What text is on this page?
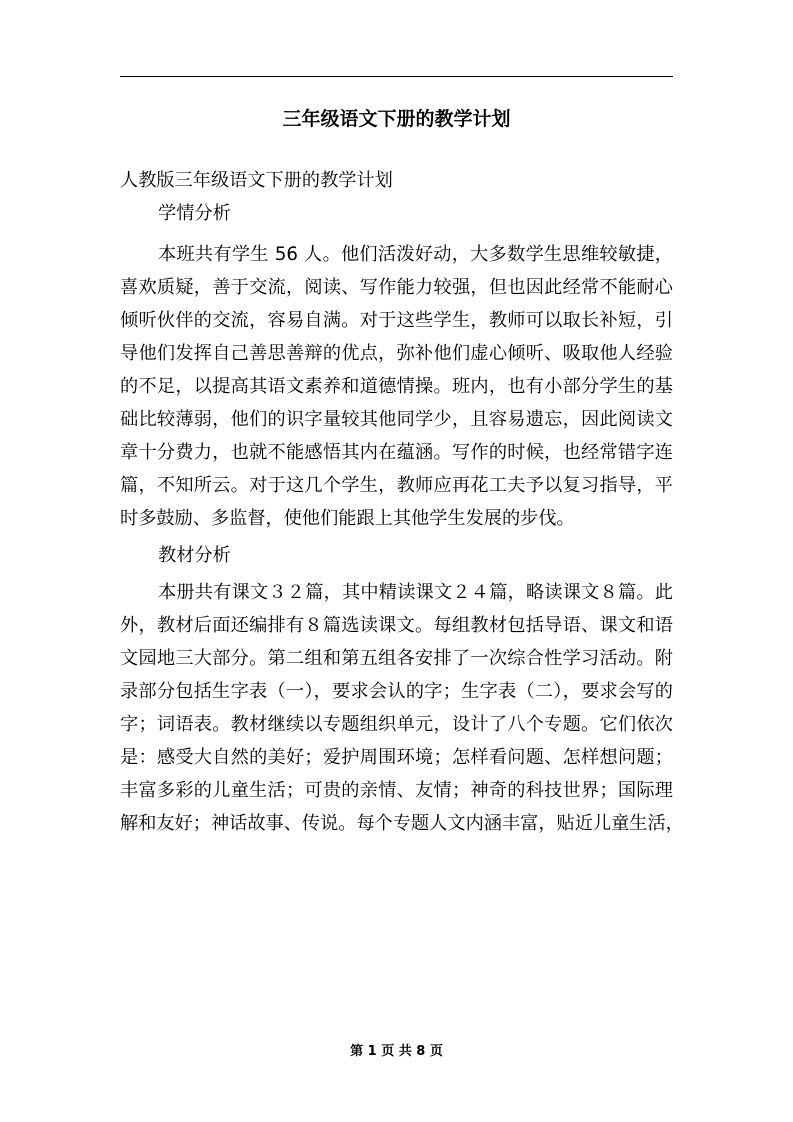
三年级语文下册的教学计划
人教版三年级语文下册的教学计划
学情分析
本班共有学生 56 人。他们活泼好动，大多数学生思维较敏捷，
喜欢质疑，善于交流，阅读、写作能力较强，但也因此经常不能耐心
倾听伙伴的交流，容易自满。对于这些学生，教师可以取长补短，引
导他们发挥自己善思善辩的优点，弥补他们虚心倾听、吸取他人经验
的不足，以提高其语文素养和道德情操。班内，也有小部分学生的基
础比较薄弱，他们的识字量较其他同学少，且容易遗忘，因此阅读文
章十分费力，也就不能感悟其内在蕴涵。写作的时候，也经常错字连
篇，不知所云。对于这几个学生，教师应再花工夫予以复习指导，平
时多鼓励、多监督，使他们能跟上其他学生发展的步伐。
教材分析
本册共有课文３２篇，其中精读课文２４篇，略读课文８篇。此
外，教材后面还编排有８篇选读课文。每组教材包括导语、课文和语
文园地三大部分。第二组和第五组各安排了一次综合性学习活动。附
录部分包括生字表（一），要求会认的字；生字表（二），要求会写的
字；词语表。教材继续以专题组织单元，设计了八个专题。它们依次
是：感受大自然的美好；爱护周围环境；怎样看问题、怎样想问题；
丰富多彩的儿童生活；可贵的亲情、友情；神奇的科技世界；国际理
解和友好；神话故事、传说。每个专题人文内涵丰富，贴近儿童生活，
第 1 页 共 8 页
